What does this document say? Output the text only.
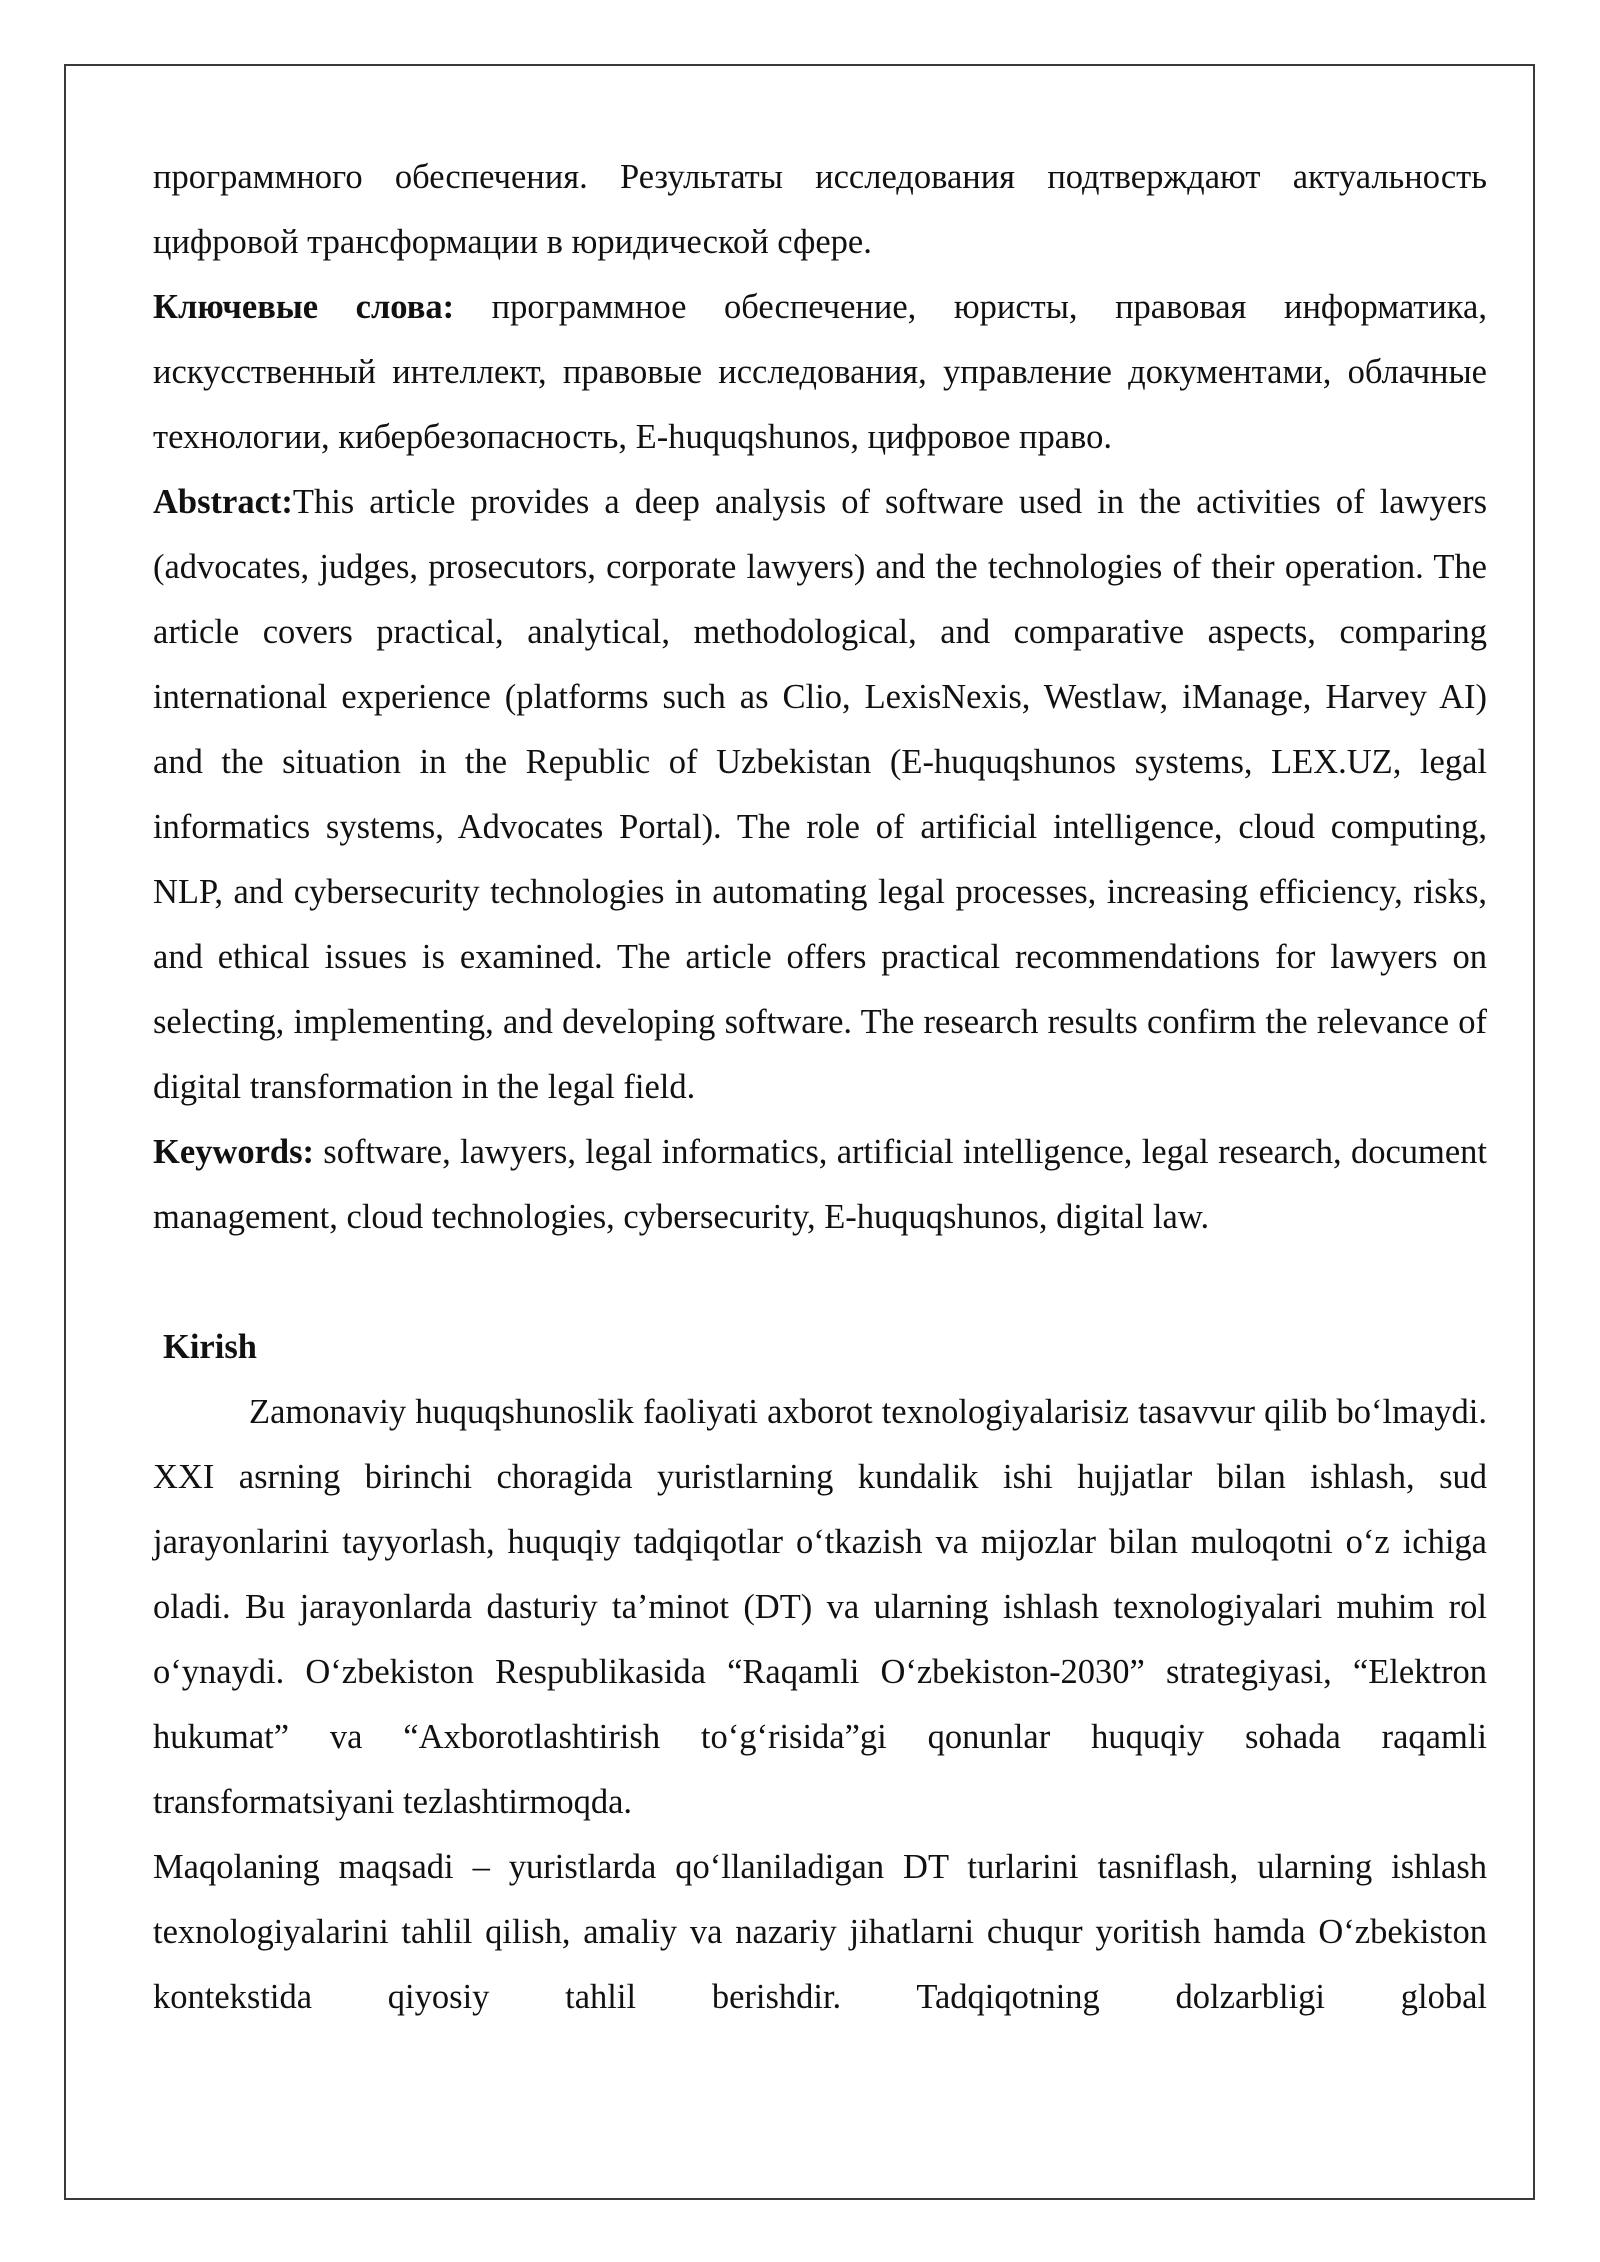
программного обеспечения. Результаты исследования подтверждают актуальность цифровой трансформации в юридической сфере.

Ключевые слова: программное обеспечение, юристы, правовая информатика, искусственный интеллект, правовые исследования, управление документами, облачные технологии, кибербезопасность, E-huquqshunos, цифровое право.

Abstract:This article provides a deep analysis of software used in the activities of lawyers (advocates, judges, prosecutors, corporate lawyers) and the technologies of their operation. The article covers practical, analytical, methodological, and comparative aspects, comparing international experience (platforms such as Clio, LexisNexis, Westlaw, iManage, Harvey AI) and the situation in the Republic of Uzbekistan (E-huquqshunos systems, LEX.UZ, legal informatics systems, Advocates Portal). The role of artificial intelligence, cloud computing, NLP, and cybersecurity technologies in automating legal processes, increasing efficiency, risks, and ethical issues is examined. The article offers practical recommendations for lawyers on selecting, implementing, and developing software. The research results confirm the relevance of digital transformation in the legal field.

Keywords: software, lawyers, legal informatics, artificial intelligence, legal research, document management, cloud technologies, cybersecurity, E-huquqshunos, digital law.

Kirish

Zamonaviy huquqshunoslik faoliyati axborot texnologiyalarisiz tasavvur qilib bo‘lmaydi. XXI asrning birinchi choragida yuristlarning kundalik ishi hujjatlar bilan ishlash, sud jarayonlarini tayyorlash, huquqiy tadqiqotlar o‘tkazish va mijozlar bilan muloqotni o‘z ichiga oladi. Bu jarayonlarda dasturiy ta’minot (DT) va ularning ishlash texnologiyalari muhim rol o‘ynaydi. O‘zbekiston Respublikasida “Raqamli O‘zbekiston-2030” strategiyasi, “Elektron hukumat” va “Axborotlashtirish to‘g‘risida”gi qonunlar huquqiy sohada raqamli transformatsiyani tezlashtirmoqda.

Maqolaning maqsadi – yuristlarda qo‘llaniladigan DT turlarini tasniflash, ularning ishlash texnologiyalarini tahlil qilish, amaliy va nazariy jihatlarni chuqur yoritish hamda O‘zbekiston kontekstida qiyosiy tahlil berishdir. Tadqiqotning dolzarbligi global
